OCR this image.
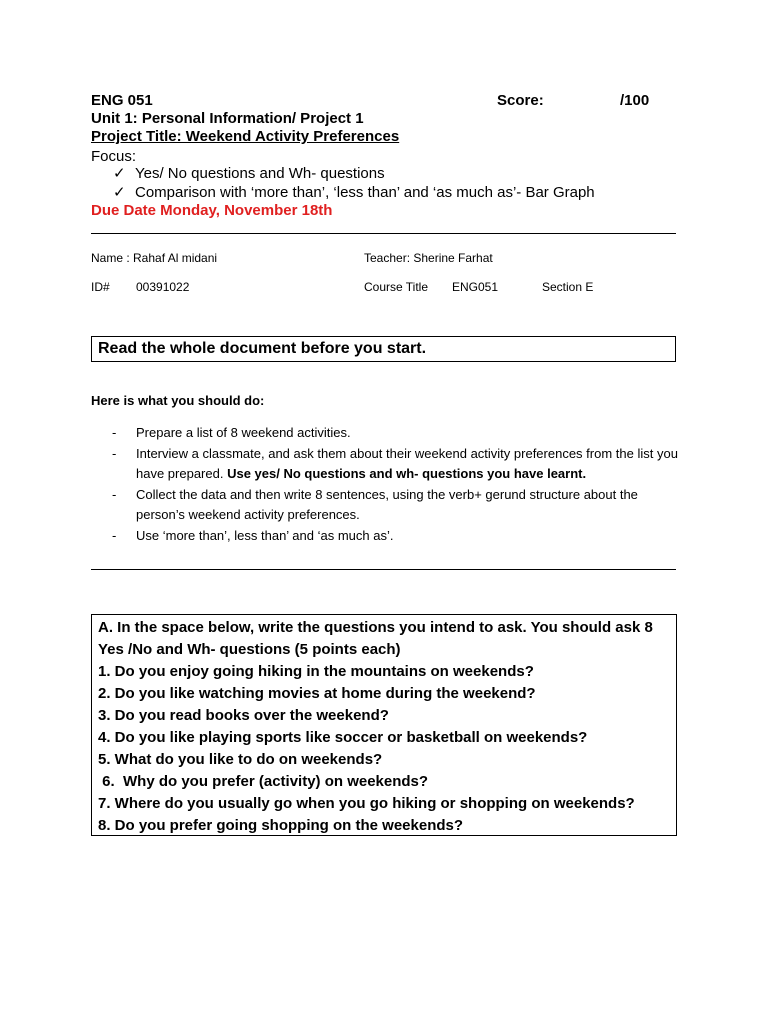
ENG 051	Score:	/100
Unit 1: Personal Information/ Project 1
Project Title: Weekend Activity Preferences
Focus:
✓ Yes/ No questions and Wh- questions
✓ Comparison with ‘more than’, ‘less than’ and ‘as much as’- Bar Graph
Due Date Monday, November 18th
Name : Rahaf Al midani	Teacher: Sherine Farhat
ID# 00391022	Course Title ENG051	Section E
Read the whole document before you start.
Here is what you should do:
- Prepare a list of 8 weekend activities.
- Interview a classmate, and ask them about their weekend activity preferences from the list you have prepared. Use yes/ No questions and wh- questions you have learnt.
- Collect the data and then write 8 sentences, using the verb+ gerund structure about the person’s weekend activity preferences.
- Use ‘more than’, less than’ and ‘as much as’.
A. In the space below, write the questions you intend to ask. You should ask 8 Yes /No and Wh- questions (5 points each)
1. Do you enjoy going hiking in the mountains on weekends?
2. Do you like watching movies at home during the weekend?
3. Do you read books over the weekend?
4. Do you like playing sports like soccer or basketball on weekends?
5. What do you like to do on weekends?
6.  Why do you prefer (activity) on weekends?
7. Where do you usually go when you go hiking or shopping on weekends?
8. Do you prefer going shopping on the weekends?
